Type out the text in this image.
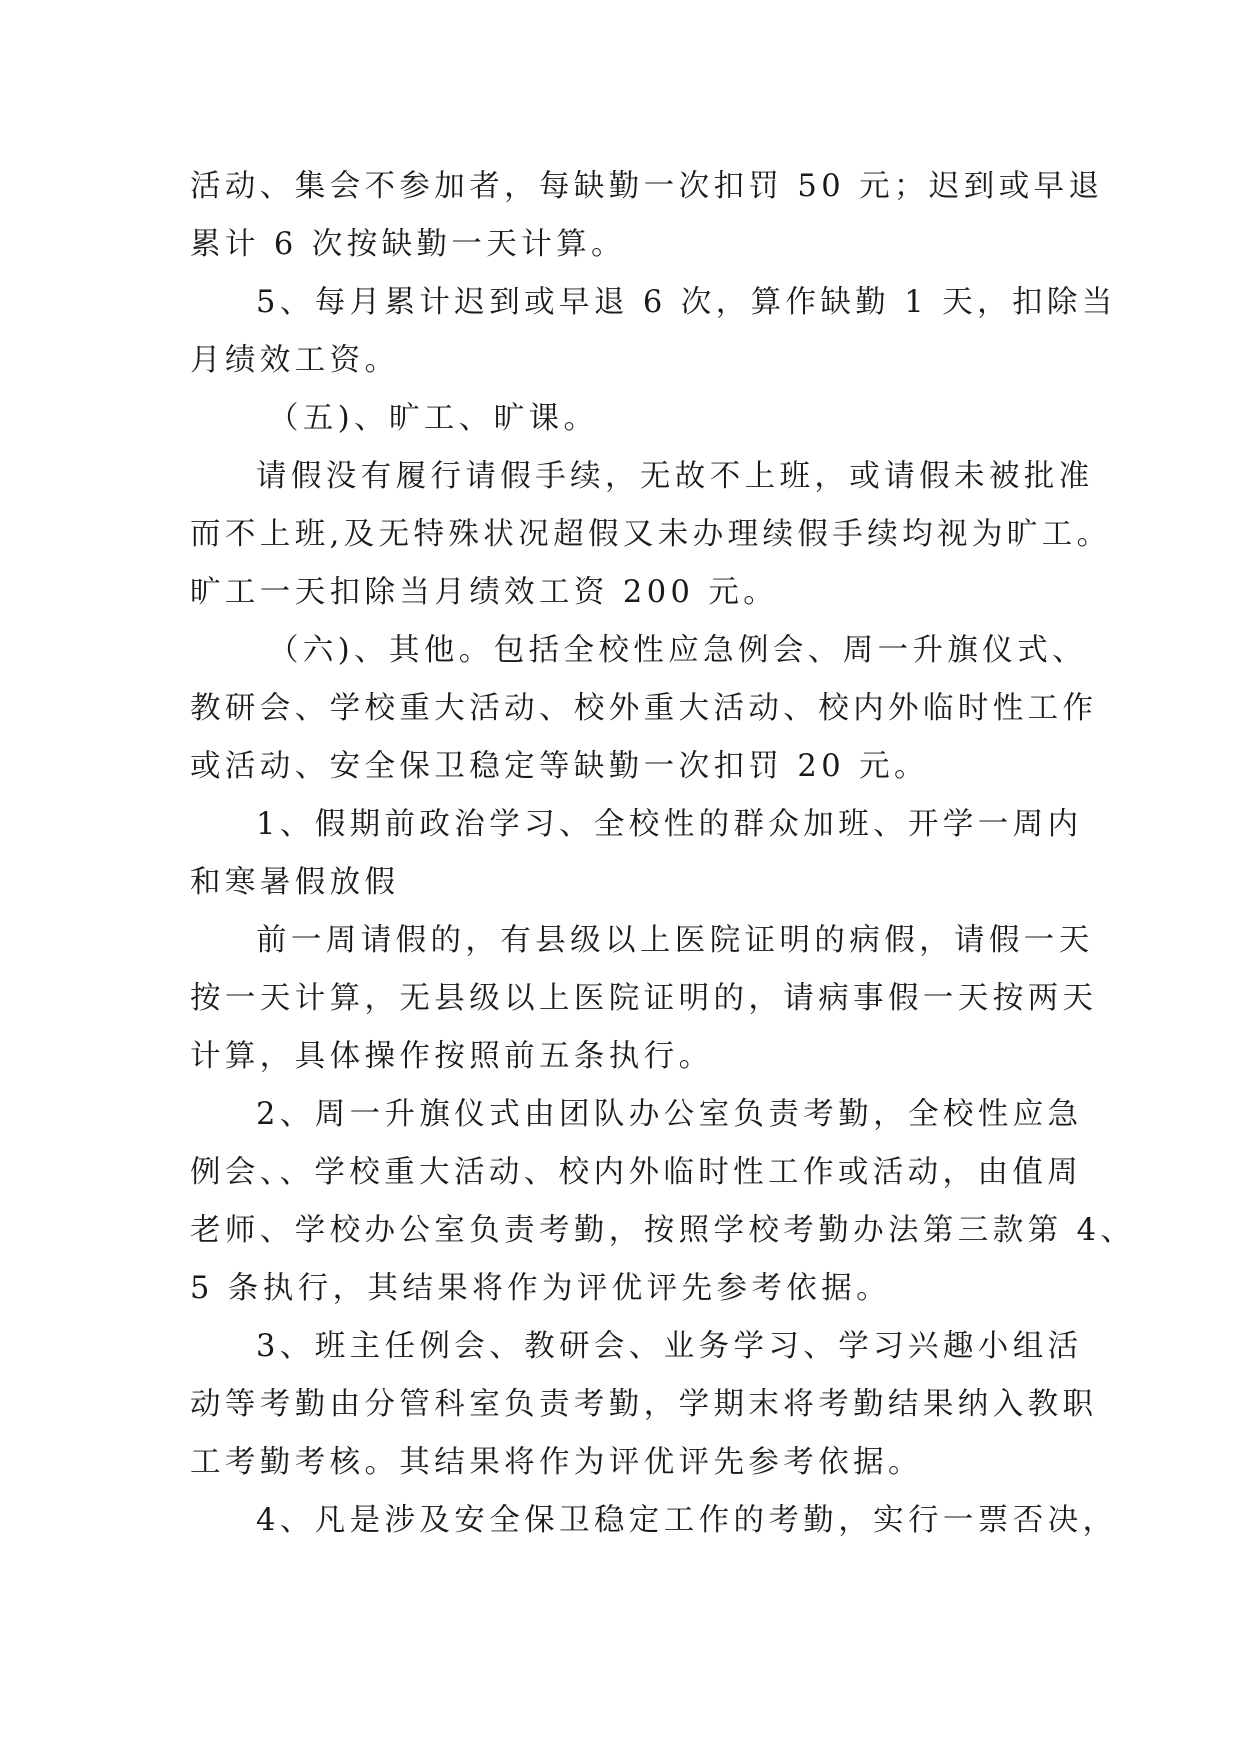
活动、集会不参加者，每缺勤一次扣罚 50 元；迟到或早退
累计 6 次按缺勤一天计算。
5、每月累计迟到或早退 6 次，算作缺勤 1 天，扣除当
月绩效工资。
（五)、旷工、旷课。
请假没有履行请假手续，无故不上班，或请假未被批准
而不上班,及无特殊状况超假又未办理续假手续均视为旷工。
旷工一天扣除当月绩效工资 200 元。
（六)、其他。包括全校性应急例会、周一升旗仪式、
教研会、学校重大活动、校外重大活动、校内外临时性工作
或活动、安全保卫稳定等缺勤一次扣罚 20 元。
1、假期前政治学习、全校性的群众加班、开学一周内
和寒暑假放假
前一周请假的，有县级以上医院证明的病假，请假一天
按一天计算，无县级以上医院证明的，请病事假一天按两天
计算，具体操作按照前五条执行。
2、周一升旗仪式由团队办公室负责考勤，全校性应急
例会、、学校重大活动、校内外临时性工作或活动，由值周
老师、学校办公室负责考勤，按照学校考勤办法第三款第 4、
5 条执行，其结果将作为评优评先参考依据。
3、班主任例会、教研会、业务学习、学习兴趣小组活
动等考勤由分管科室负责考勤，学期末将考勤结果纳入教职
工考勤考核。其结果将作为评优评先参考依据。
4、凡是涉及安全保卫稳定工作的考勤，实行一票否决，
